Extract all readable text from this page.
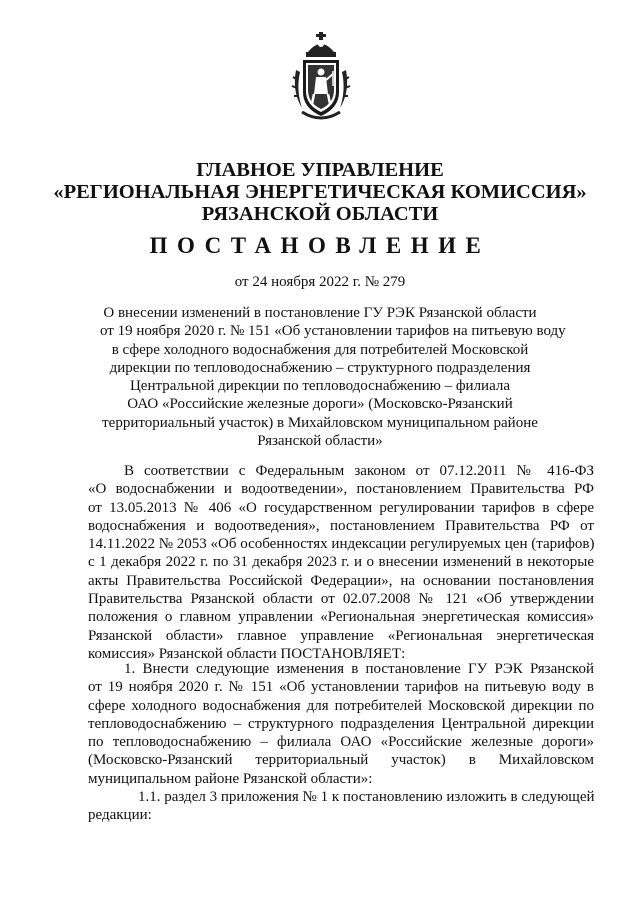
ГЛАВНОЕ УПРАВЛЕНИЕ
«РЕГИОНАЛЬНАЯ ЭНЕРГЕТИЧЕСКАЯ КОМИССИЯ»
РЯЗАНСКОЙ ОБЛАСТИ
ПОСТАНОВЛЕНИЕ
от 24 ноября 2022 г. № 279
О внесении изменений в постановление ГУ РЭК Рязанской области
от 19 ноября 2020 г. № 151 «Об установлении тарифов на питьевую воду
в сфере холодного водоснабжения для потребителей Московской
дирекции по тепловодоснабжению – структурного подразделения
Центральной дирекции по тепловодоснабжению – филиала
ОАО «Российские железные дороги» (Московско-Рязанский
территориальный участок) в Михайловском муниципальном районе
Рязанской области»
В соответствии с Федеральным законом от 07.12.2011 № 416-ФЗ
«О водоснабжении и водоотведении», постановлением Правительства РФ
от 13.05.2013 № 406 «О государственном регулировании тарифов в сфере
водоснабжения и водоотведения», постановлением Правительства РФ от
14.11.2022 № 2053 «Об особенностях индексации регулируемых цен (тарифов)
с 1 декабря 2022 г. по 31 декабря 2023 г. и о внесении изменений в некоторые
акты Правительства Российской Федерации», на основании постановления
Правительства Рязанской области от 02.07.2008 № 121 «Об утверждении
положения о главном управлении «Региональная энергетическая комиссия»
Рязанской области» главное управление «Региональная энергетическая
комиссия» Рязанской области ПОСТАНОВЛЯЕТ:
1. Внести следующие изменения в постановление ГУ РЭК Рязанской
от 19 ноября 2020 г. № 151 «Об установлении тарифов на питьевую воду в
сфере холодного водоснабжения для потребителей Московской дирекции по
тепловодоснабжению – структурного подразделения Центральной дирекции
по тепловодоснабжению – филиала ОАО «Российские железные дороги»
(Московско-Рязанский территориальный участок) в Михайловском
муниципальном районе Рязанской области»:
1.1. раздел 3 приложения № 1 к постановлению изложить в следующей
редакции:
